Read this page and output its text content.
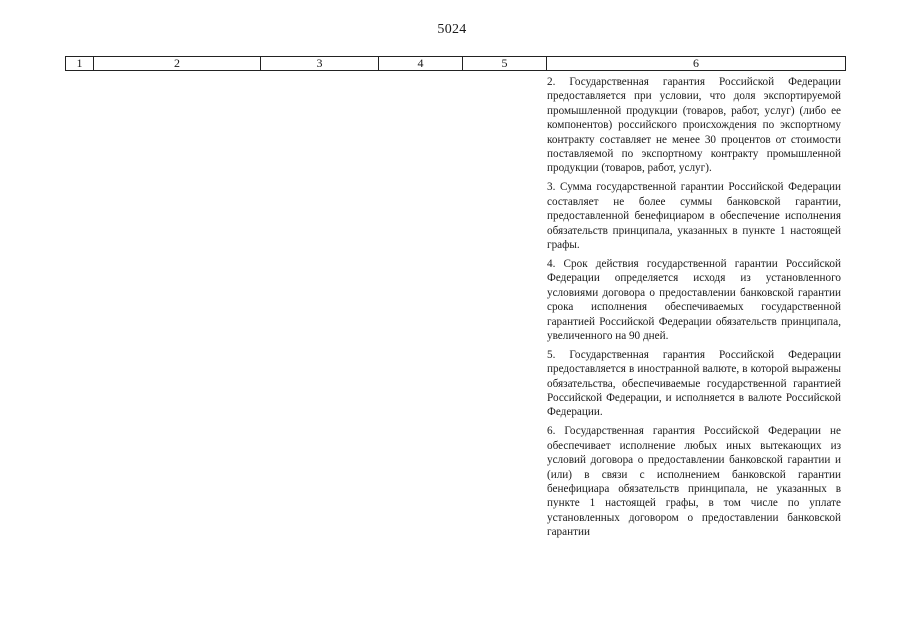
5024
1	2	3	4	5	6

2. Государственная гарантия Российской Федерации предоставляется при условии, что доля экспортируемой промышленной продукции (товаров, работ, услуг) (либо ее компонентов) российского происхождения по экспортному контракту составляет не менее 30 процентов от стоимости поставляемой по экспортному контракту промышленной продукции (товаров, работ, услуг).

3. Сумма государственной гарантии Российской Федерации составляет не более суммы банковской гарантии, предоставленной бенефициаром в обеспечение исполнения обязательств принципала, указанных в пункте 1 настоящей графы.

4. Срок действия государственной гарантии Российской Федерации определяется исходя из установленного условиями договора о предоставлении банковской гарантии срока исполнения обеспечиваемых государственной гарантией Российской Федерации обязательств принципала, увеличенного на 90 дней.

5. Государственная гарантия Российской Федерации предоставляется в иностранной валюте, в которой выражены обязательства, обеспечиваемые государственной гарантией Российской Федерации, и исполняется в валюте Российской Федерации.

6. Государственная гарантия Российской Федерации не обеспечивает исполнение любых иных вытекающих из условий договора о предоставлении банковской гарантии и (или) в связи с исполнением банковской гарантии бенефициара обязательств принципала, не указанных в пункте 1 настоящей графы, в том числе по уплате установленных договором о предоставлении банковской гарантии
